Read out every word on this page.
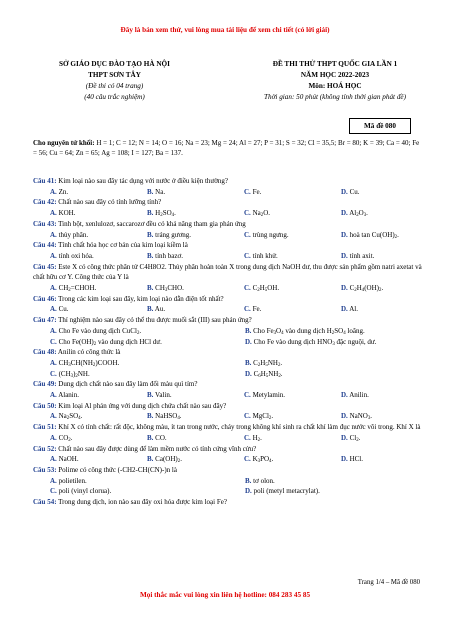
Đây là bản xem thử, vui lòng mua tài liệu để xem chi tiết (có lời giải)
SỞ GIÁO DỤC ĐÀO TẠO HÀ NỘI
THPT SƠN TÂY
(Đề thi có 04 trang)
(40 câu trắc nghiệm)
ĐỀ THI THỬ THPT QUỐC GIA LẦN 1
NĂM HỌC 2022-2023
Môn: HOÁ HỌC
Thời gian: 50 phút (không tính thời gian phát đề)
Mã đề 080
Cho nguyên tử khối: H = 1; C = 12; N = 14; O = 16; Na = 23; Mg = 24; Al = 27; P = 31; S = 32; Cl = 35,5; Br = 80; K = 39; Ca = 40; Fe = 56; Cu = 64; Zn = 65; Ag = 108; I = 127; Ba = 137.
Câu 41: Kim loại nào sau đây tác dụng với nước ở điều kiện thường?
A. Zn.	B. Na.	C. Fe.	D. Cu.
Câu 42: Chất nào sau đây có tính lưỡng tính?
A. KOH.	B. $H_2SO_4$.	C. $Na_2O$.	D. $Al_2O_3$.
Câu 43: Tinh bột, xenlulozơ, saccarozơ đều có khả năng tham gia phản ứng
A. thủy phân.	B. tráng gương.	C. trùng ngưng.	D. hoà $\tan Cu(OH)_2$.
Câu 44: Tính chất hóa học cơ bản của kim loại kiềm là
A. tính oxi hóa.	B. tính bazơ.	C. tính khử.	D. tính axit.
Câu 45: Este X có công thức phân tử C4H8O2. Thủy phân hoàn toàn X trong dung dịch NaOH dư, thu được sản phẩm gồm natri axetat và chất hữu cơ Y. Công thức của Y là
A. $CH_2=CHOH$.	B. $CH_3CHO$.	C. $C_2H_5OH$.	D. $C_2H_4(OH)_2$.
Câu 46: Trong các kim loại sau đây, kim loại nào dẫn điện tốt nhất?
A. Cu.	B. Au.	C. Fe.	D. Al.
Câu 47: Thí nghiệm nào sau đây có thể thu được muối sắt (III) sau phản ứng?
A. Cho Fe vào dung dịch CuCl$_2$.	B. Cho $Fe_3O_4$ vào dung dịch $H_2SO_4$ loãng.
C. Cho $Fe(OH)_2$ vào dung dịch HCl dư.	D. Cho Fe vào dung dịch $HNO_3$ đặc nguội, dư.
Câu 48: Anilin có công thức là
A. $CH_3CH(NH_2)COOH$.	B. $C_2H_5NH_2$.
C. $(CH_3)_2NH$.	D. $C_6H_5NH_2$.
Câu 49: Dung dịch chất nào sau đây làm đổi màu quì tím?
A. Alanin.	B. Valin.	C. Metylamin.	D. Anilin.
Câu 50: Kim loại Al phản ứng với dung dịch chứa chất nào sau đây?
A. $Na_2SO_4$.	B. NaHSO$_4$.	C. MgCl$_2$.	D. NaNO$_3$.
Câu 51: Khí X có tính chất: rất độc, không màu, ít tan trong nước, cháy trong không khí sinh ra chất khí làm đục nước vôi trong. Khí X là
A. $CO_2$.	B. CO.	C. $H_2$.	D. $Cl_2$.
Câu 52: Chất nào sau đây được dùng để làm mềm nước có tính cứng vĩnh cửu?
A. NaOH.	B. $Ca(OH)_2$.	C. $K_3PO_4$.	D. HCl.
Câu 53: Polime có công thức (-CH2-CH(CN)-)n là
A. polietilen.	B. tơ olon.
C. poli (vinyl clorua).	D. poli (metyl metacrylat).
Câu 54: Trong dung dịch, ion nào sau đây oxi hóa được kim loại Fe?
Trang 1/4 – Mã đề 080
Mọi thắc mắc vui lòng xin liên hệ hotline: 084 283 45 85
